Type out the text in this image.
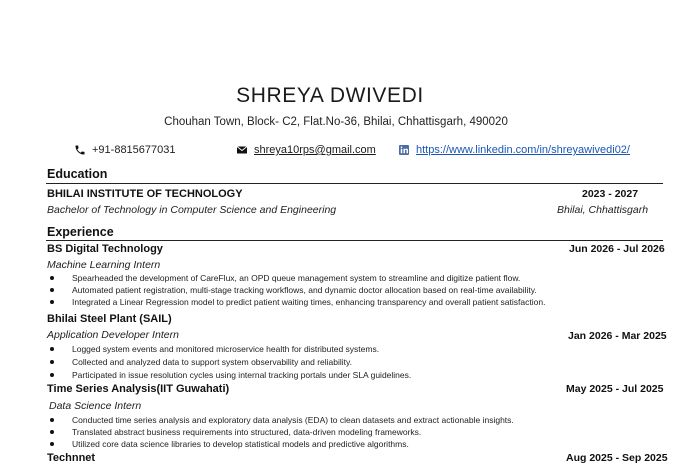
SHREYA DWIVEDI
Chouhan Town, Block- C2, Flat.No-36, Bhilai, Chhattisgarh, 490020
+91-8815677031	shreya10rps@gmail.com	https://www.linkedin.com/in/shreyawivedi02/
Education
BHILAI INSTITUTE OF TECHNOLOGY	2023 - 2027
Bachelor of Technology in Computer Science and Engineering	Bhilai, Chhattisgarh
Experience
BS Digital Technology	Jun 2026 - Jul 2026
Machine Learning Intern
Spearheaded the development of CareFlux, an OPD queue management system to streamline and digitize patient flow.
Automated patient registration, multi-stage tracking workflows, and dynamic doctor allocation based on real-time availability.
Integrated a Linear Regression model to predict patient waiting times, enhancing transparency and overall patient satisfaction.
Bhilai Steel Plant (SAIL)
Application Developer Intern	Jan 2026 - Mar 2025
Logged system events and monitored microservice health for distributed systems.
Collected and analyzed data to support system observability and reliability.
Participated in issue resolution cycles using internal tracking portals under SLA guidelines.
Time Series Analysis(IIT Guwahati)	May 2025 - Jul 2025
Data Science Intern
Conducted time series analysis and exploratory data analysis (EDA) to clean datasets and extract actionable insights.
Translated abstract business requirements into structured, data-driven modeling frameworks.
Utilized core data science libraries to develop statistical models and predictive algorithms.
Technnet	Aug 2025 - Sep 2025
